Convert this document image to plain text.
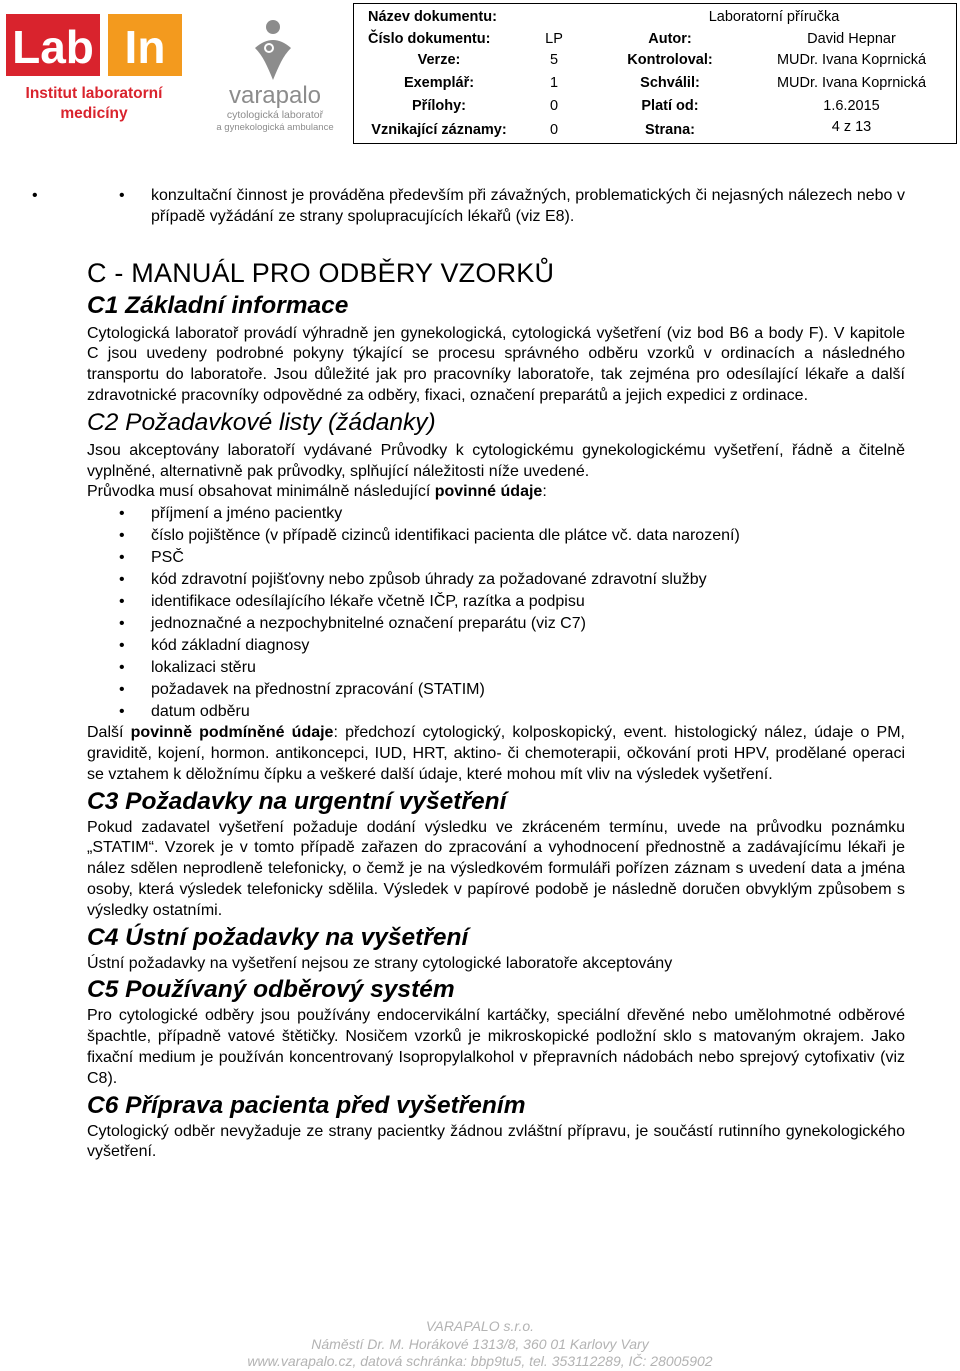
Lab In
Institut laboratorní
medicíny
varapalo
cytologická laboratoř
a gynekologická ambulance
Název dokumentu:	Laboratorní příručka
Číslo dokumentu:	LP	Autor:	David Hepnar
Verze:	5	Kontroloval:	MUDr. Ivana Koprnická
Exemplář:	1	Schválil:	MUDr. Ivana Koprnická
Přílohy:	0	Platí od:	1.6.2015
Vznikající záznamy:	0	Strana:	4 z 13
• • konzultační činnost je prováděna především při závažných, problematických či nejasných nálezech nebo v případě vyžádání ze strany spolupracujících lékařů (viz E8).
C - MANUÁL PRO ODBĚRY VZORKŮ
C1 Základní informace

Cytologická laboratoř provádí výhradně jen gynekologická, cytologická vyšetření (viz bod B6 a body F). V kapitole C jsou uvedeny podrobné pokyny týkající se procesu správného odběru vzorků v ordinacích a následného transportu do laboratoře. Jsou důležité jak pro pracovníky laboratoře, tak zejména pro odesílající lékaře a další zdravotnické pracovníky odpovědné za odběry, fixaci, označení preparátů a jejich expedici z ordinace.

C2 Požadavkové listy (žádanky)

Jsou akceptovány laboratoří vydávané Průvodky k cytologickému gynekologickému vyšetření, řádně a čitelně vyplněné, alternativně pak průvodky, splňující náležitosti níže uvedené.

Průvodka musí obsahovat minimálně následující povinné údaje:

• příjmení a jméno pacientky
• číslo pojištěnce (v případě cizinců identifikaci pacienta dle plátce vč. data narození)
• PSČ
• kód zdravotní pojišťovny nebo způsob úhrady za požadované zdravotní služby
• identifikace odesílajícího lékaře včetně IČP, razítka a podpisu
• jednoznačné a nezpochybnitelné označení preparátu (viz C7)
• kód základní diagnosy
• lokalizaci stěru
• požadavek na přednostní zpracování (STATIM)
• datum odběru

Další povinně podmíněné údaje: předchozí cytologický, kolposkopický, event. histologický nález, údaje o PM, graviditě, kojení, hormon. antikoncepci, IUD, HRT, aktino- či chemoterapii, očkování proti HPV, prodělané operaci se vztahem k děložnímu čípku a veškeré další údaje, které mohou mít vliv na výsledek vyšetření.

C3 Požadavky na urgentní vyšetření

Pokud zadavatel vyšetření požaduje dodání výsledku ve zkráceném termínu, uvede na průvodku poznámku „STATIM“. Vzorek je v tomto případě zařazen do zpracování a vyhodnocení přednostně a zadávajícímu lékaři je nález sdělen neprodleně telefonicky, o čemž je na výsledkovém formuláři pořízen záznam s uvedení data a jména osoby, která výsledek telefonicky sdělila. Výsledek v papírové podobě je následně doručen obvyklým způsobem s výsledky ostatními.

C4 Ústní požadavky na vyšetření

Ústní požadavky na vyšetření nejsou ze strany cytologické laboratoře akceptovány

C5 Používaný odběrový systém

Pro cytologické odběry jsou používány endocervikální kartáčky, speciální dřevěné nebo umělohmotné odběrové špachtle, případně vatové štětičky. Nosičem vzorků je mikroskopické podložní sklo s matovaným okrajem. Jako fixační medium je používán koncentrovaný Isopropylalkohol v přepravních nádobách nebo sprejový cytofixativ (viz C8).

C6 Příprava pacienta před vyšetřením

Cytologický odběr nevyžaduje ze strany pacientky žádnou zvláštní přípravu, je součástí rutinního gynekologického vyšetření.

VARAPALO s.r.o.
Náměstí Dr. M. Horákové 1313/8, 360 01 Karlovy Vary
www.varapalo.cz, datová schránka: bbp9tu5, tel. 353112289, IČ: 28005902
